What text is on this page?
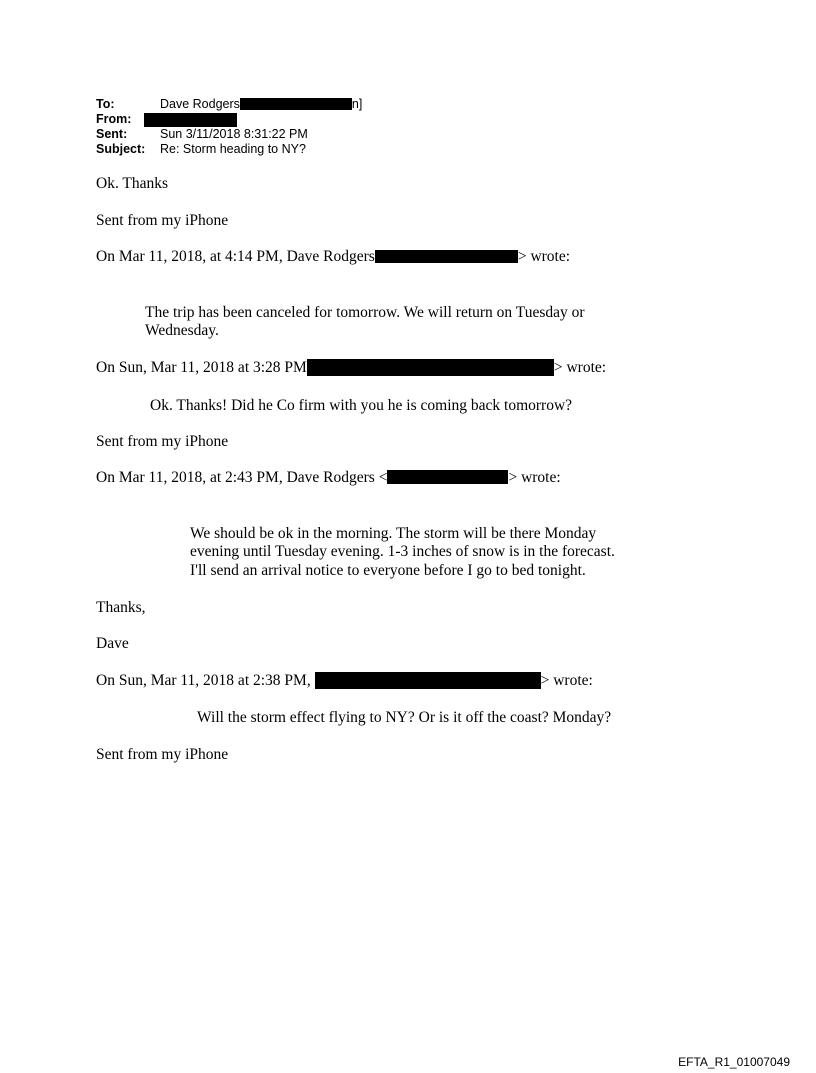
To:	Dave Rodgers	n]
From:
Sent:	Sun 3/11/2018 8:31:22 PM
Subject: Re: Storm heading to NY?
Ok. Thanks
Sent from my iPhone
On Mar 11, 2018, at 4:14 PM, Dave Rodgers	> wrote:
The trip has been canceled for tomorrow. We will return on Tuesday or
Wednesday.
On Sun, Mar 11, 2018 at 3:28 PM	> wrote:
Ok. Thanks! Did he Co firm with you he is coming back tomorrow?
Sent from my iPhone
On Mar 11, 2018, at 2:43 PM, Dave Rodgers <	> wrote:
We should be ok in the morning. The storm will be there Monday
evening until Tuesday evening. 1-3 inches of snow is in the forecast.
I'll send an arrival notice to everyone before I go to bed tonight.
Thanks,
Dave
On Sun, Mar 11, 2018 at 2:38 PM,	> wrote:
Will the storm effect flying to NY? Or is it off the coast? Monday?
Sent from my iPhone
EFTA_R1_01007049
